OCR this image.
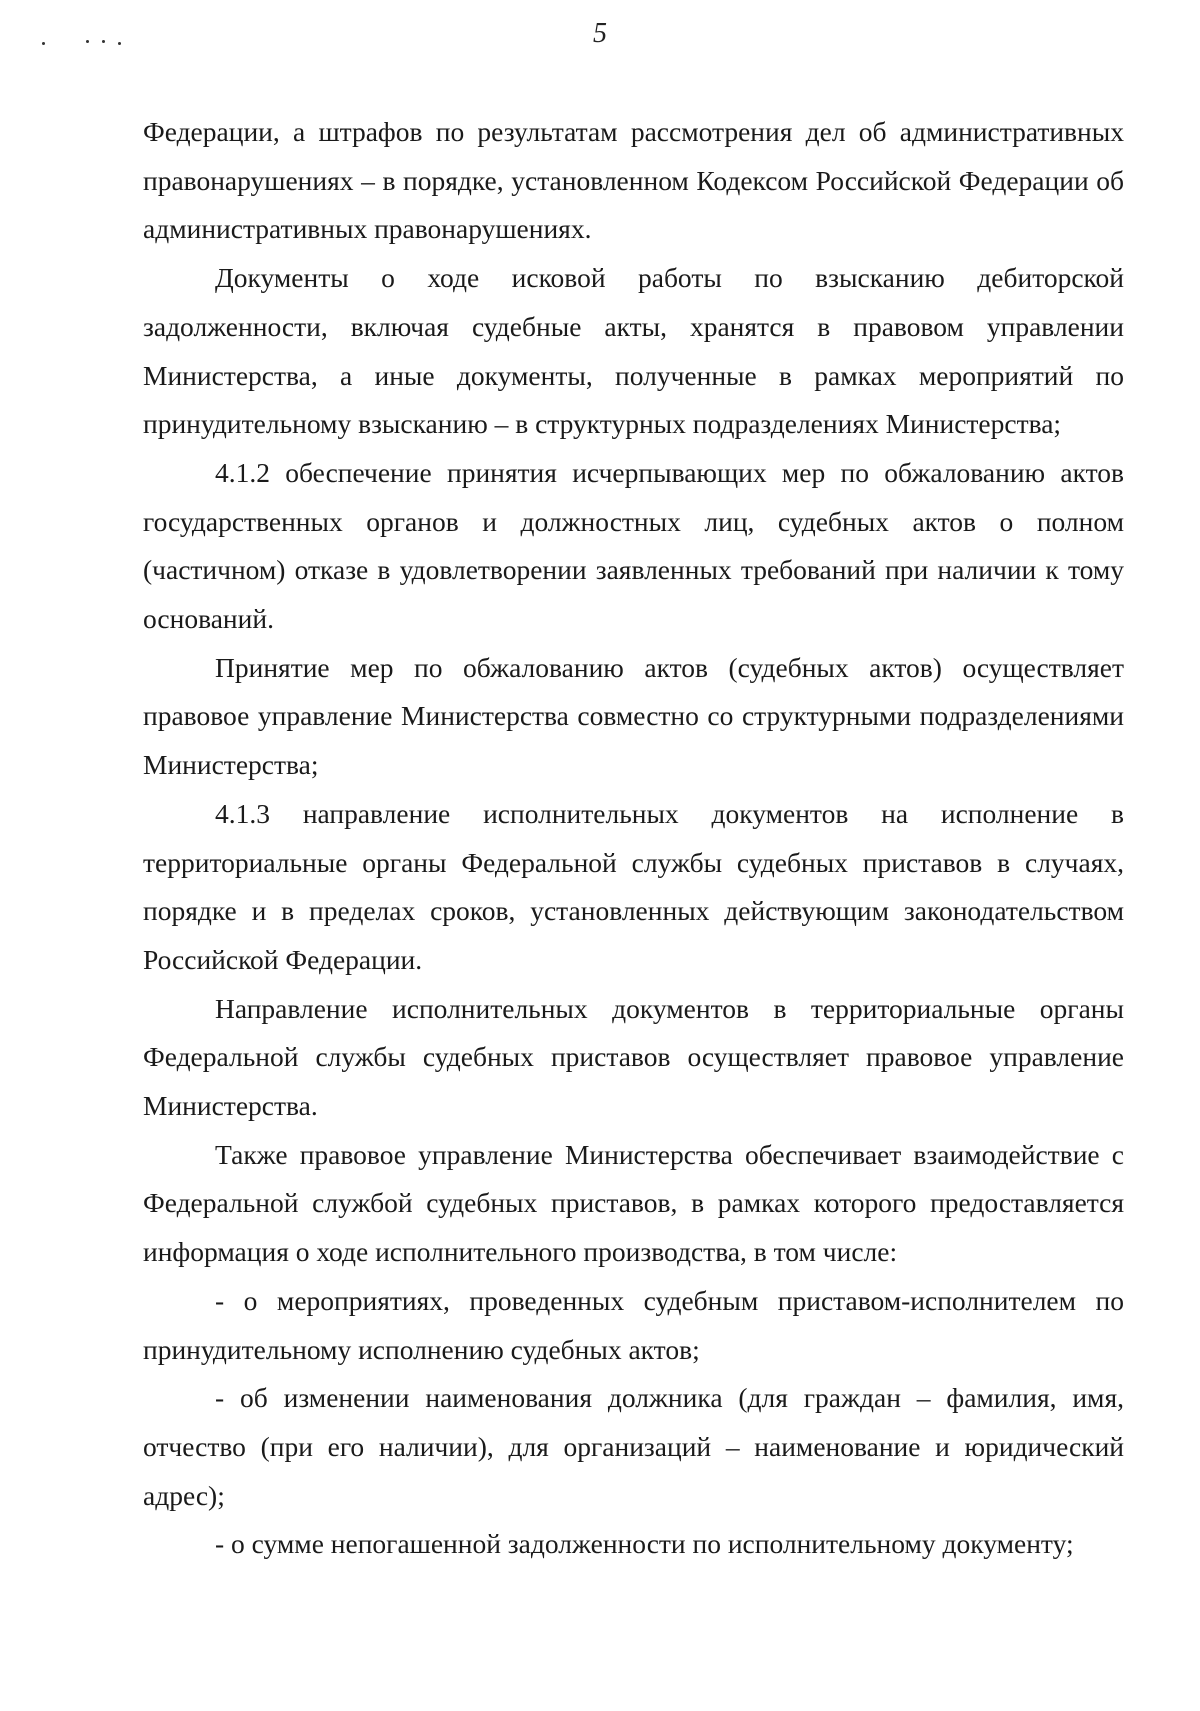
5

Федерации, а штрафов по результатам рассмотрения дел об административных правонарушениях – в порядке, установленном Кодексом Российской Федерации об административных правонарушениях.

Документы о ходе исковой работы по взысканию дебиторской задолженности, включая судебные акты, хранятся в правовом управлении Министерства, а иные документы, полученные в рамках мероприятий по принудительному взысканию – в структурных подразделениях Министерства;

4.1.2 обеспечение принятия исчерпывающих мер по обжалованию актов государственных органов и должностных лиц, судебных актов о полном (частичном) отказе в удовлетворении заявленных требований при наличии к тому оснований.

Принятие мер по обжалованию актов (судебных актов) осуществляет правовое управление Министерства совместно со структурными подразделениями Министерства;

4.1.3 направление исполнительных документов на исполнение в территориальные органы Федеральной службы судебных приставов в случаях, порядке и в пределах сроков, установленных действующим законодательством Российской Федерации.

Направление исполнительных документов в территориальные органы Федеральной службы судебных приставов осуществляет правовое управление Министерства.

Также правовое управление Министерства обеспечивает взаимодействие с Федеральной службой судебных приставов, в рамках которого предоставляется информация о ходе исполнительного производства, в том числе:

- о мероприятиях, проведенных судебным приставом-исполнителем по принудительному исполнению судебных актов;

- об изменении наименования должника (для граждан – фамилия, имя, отчество (при его наличии), для организаций – наименование и юридический адрес);

- о сумме непогашенной задолженности по исполнительному документу;
